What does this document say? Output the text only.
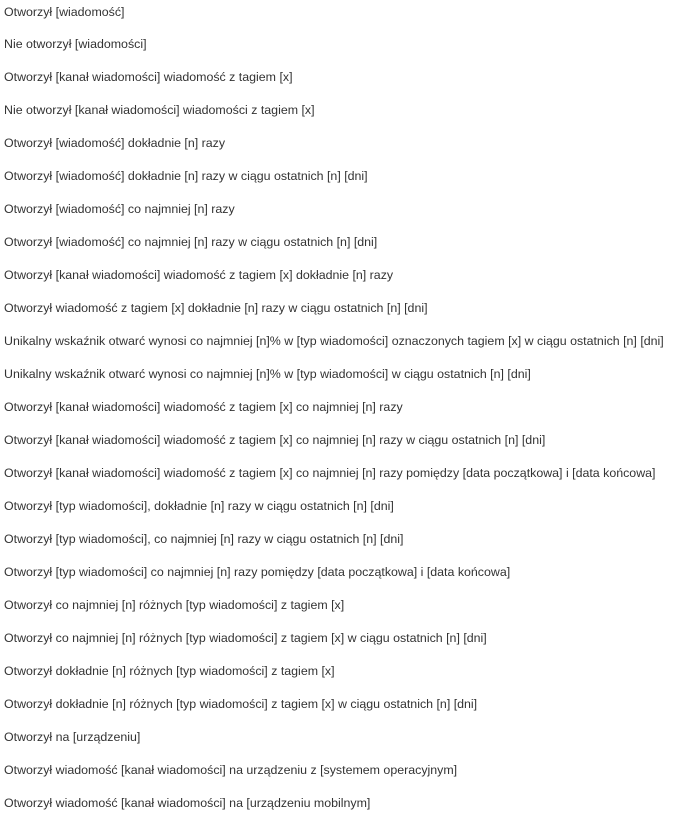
Otworzył [wiadomość]
Nie otworzył [wiadomości]
Otworzył [kanał wiadomości] wiadomość z tagiem [x]
Nie otworzył [kanał wiadomości] wiadomości z tagiem [x]
Otworzył [wiadomość] dokładnie [n] razy
Otworzył [wiadomość] dokładnie [n] razy w ciągu ostatnich [n] [dni]
Otworzył [wiadomość] co najmniej [n] razy
Otworzył [wiadomość] co najmniej [n] razy w ciągu ostatnich [n] [dni]
Otworzył [kanał wiadomości] wiadomość z tagiem [x] dokładnie [n] razy
Otworzył wiadomość z tagiem [x] dokładnie [n] razy w ciągu ostatnich [n] [dni]
Unikalny wskaźnik otwarć wynosi co najmniej [n]% w [typ wiadomości] oznaczonych tagiem [x] w ciągu ostatnich [n] [dni]
Unikalny wskaźnik otwarć wynosi co najmniej [n]% w [typ wiadomości] w ciągu ostatnich [n] [dni]
Otworzył [kanał wiadomości] wiadomość z tagiem [x] co najmniej [n] razy
Otworzył [kanał wiadomości] wiadomość z tagiem [x] co najmniej [n] razy w ciągu ostatnich [n] [dni]
Otworzył [kanał wiadomości] wiadomość z tagiem [x] co najmniej [n] razy pomiędzy [data początkowa] i [data końcowa]
Otworzył [typ wiadomości], dokładnie [n] razy w ciągu ostatnich [n] [dni]
Otworzył [typ wiadomości], co najmniej [n] razy w ciągu ostatnich [n] [dni]
Otworzył [typ wiadomości] co najmniej [n] razy pomiędzy [data początkowa] i [data końcowa]
Otworzył co najmniej [n] różnych [typ wiadomości] z tagiem [x]
Otworzył co najmniej [n] różnych [typ wiadomości] z tagiem [x] w ciągu ostatnich [n] [dni]
Otworzył dokładnie [n] różnych [typ wiadomości] z tagiem [x]
Otworzył dokładnie [n] różnych [typ wiadomości] z tagiem [x] w ciągu ostatnich [n] [dni]
Otworzył na [urządzeniu]
Otworzył wiadomość [kanał wiadomości] na urządzeniu z [systemem operacyjnym]
Otworzył wiadomość [kanał wiadomości] na [urządzeniu mobilnym]
